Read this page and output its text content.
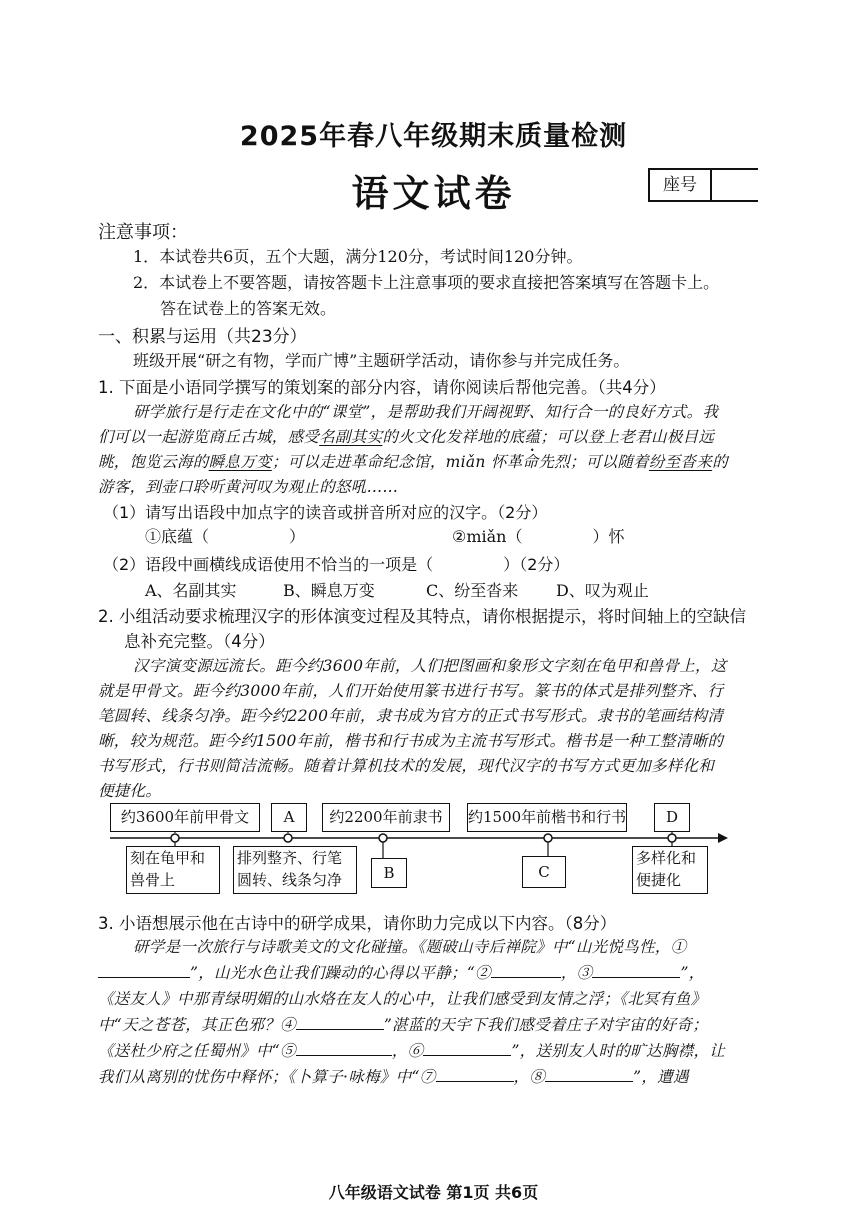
2025年春八年级期末质量检测
语文试卷	座号
注意事项：
1．本试卷共6页，五个大题，满分120分，考试时间120分钟。
2．本试卷上不要答题，请按答题卡上注意事项的要求直接把答案填写在答题卡上。
答在试卷上的答案无效。
一、积累与运用（共23分）
班级开展“研之有物，学而广博”主题研学活动，请你参与并完成任务。
1. 下面是小语同学撰写的策划案的部分内容，请你阅读后帮他完善。（共4分）
研学旅行是行走在文化中的“课堂”，是帮助我们开阔视野、知行合一的良好方式。我
们可以一起游览商丘古城，感受名副其实的火文化发祥地的底蕴；可以登上老君山极目远
眺，饱览云海的瞬息万变；可以走进革命纪念馆，miǎn 怀革命先烈；可以随着纷至沓来的
游客，到壶口聆听黄河叹为观止的怒吼……
（1）请写出语段中加点字的读音或拼音所对应的汉字。（2分）
①底蕴（	）	②miǎn（	）怀
（2）语段中画横线成语使用不恰当的一项是（	）（2分）
A、名副其实	B、瞬息万变	C、纷至沓来 D、叹为观止
2. 小组活动要求梳理汉字的形体演变过程及其特点，请你根据提示，将时间轴上的空缺信
息补充完整。（4分）
汉字演变源远流长。距今约3600年前，人们把图画和象形文字刻在龟甲和兽骨上，这
就是甲骨文。距今约3000年前，人们开始使用篆书进行书写。篆书的体式是排列整齐、行
笔圆转、线条匀净。距今约2200年前，隶书成为官方的正式书写形式。隶书的笔画结构清
晰，较为规范。距今约1500年前，楷书和行书成为主流书写形式。楷书是一种工整清晰的
书写形式，行书则简洁流畅。随着计算机技术的发展，现代汉字的书写方式更加多样化和
便捷化。
约3600年前甲骨文	A	约2200年前隶书	约1500年前楷书和行书	D
刻在龟甲和
兽骨上
排列整齐、行笔
圆转、线条匀净	B	C
多样化和
便捷化
3. 小语想展示他在古诗中的研学成果，请你助力完成以下内容。（8分）
研学是一次旅行与诗歌美文的文化碰撞。《题破山寺后禅院》中“山光悦鸟性，①
”，山光水色让我们躁动的心得以平静；“②	，③	”，
《送友人》中那青绿明媚的山水烙在友人的心中，让我们感受到友情之浮；《北冥有鱼》
中“天之苍苍，其正色邪？④	”湛蓝的天宇下我们感受着庄子对宇宙的好奇；
《送杜少府之任蜀州》中“⑤	，⑥	”，送别友人时的旷达胸襟，让
我们从离别的忧伤中释怀；《卜算子·咏梅》中“⑦	，⑧	”，遭遇
八年级语文试卷 第1页 共6页
